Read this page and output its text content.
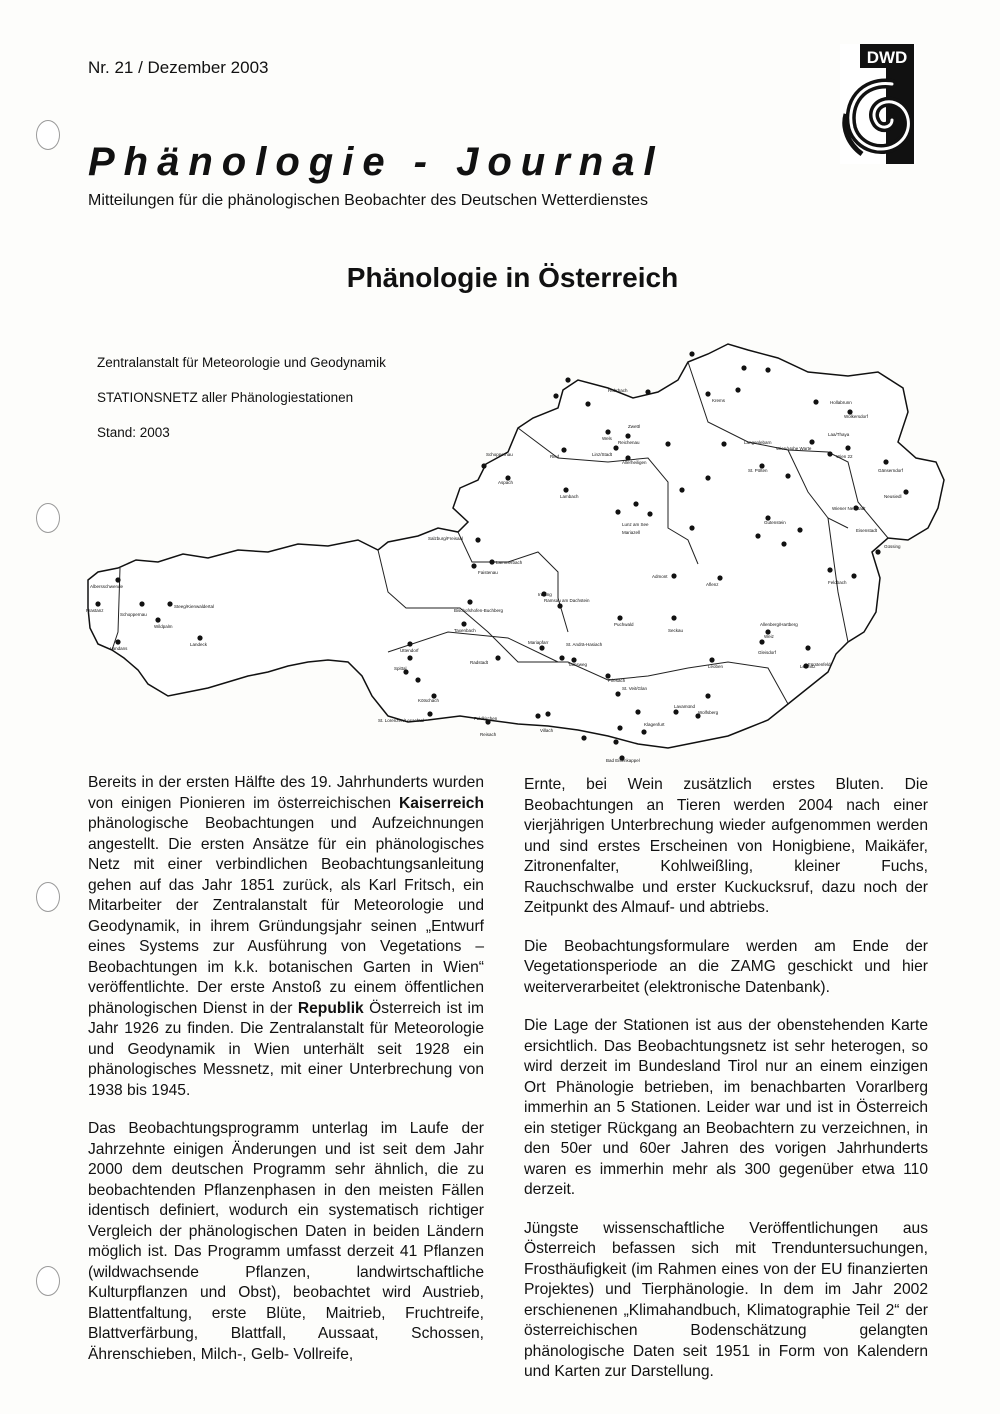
Nr. 21 / Dezember 2003
Phänologie - Journal
Mitteilungen für die phänologischen Beobachter des Deutschen Wetterdienstes
DWD
Phänologie in Österreich
Zentralanstalt für Meteorologie und Geodynamik
STATIONSNETZ aller Phänologiestationen
Stand: 2003
Albersschwende
Frastanz
Schoppernau
Steeg/Kienwaldertal
Wildpalm
Vandans
Landeck
Salzburg/Freisaal
Faistenau
Lammerbach
Bischofshofen-Buchberg
Taxenbach
Uttendorf
Radstadt
Schoppernau
Aspach
Ried
Lambach
Linz/Stadt
Allerheiligen
Wels
Reichenau
Rohrbach
Wolkersdorf
Laa/Thaya
Wien/Hohe Warte
Wien 22
Gänserndorf
Hollabrunn
Langenlebarn
St. Pölten
Krems
Zwettl
Lunz am See
Mariazell
Gutenstein
Wiener Neustadt
Eisenstadt
Neusiedl
Aflenz
Admont
Irdning
Ramsau am Dachstein
Puchwald
Seckau
Leoben
Allenberg/Hartberg
Weiz
Gleisdorf
Leibnitz
Feldbach
Fürstenfeld
Güssing
Mariapfarr
Tamsweg
St. Andrä-Hasiach
Villach
Klagenfurt
Wolfsberg
St. Veit/Glan
Feldkirchen
Spittal
Friesach
Lavamünd
Bad Eisenkappel
St. Lorenzen/Lesachtal
Kötschach
Reisach

Bereits in der ersten Hälfte des 19. Jahrhunderts wurden von einigen Pionieren im österreichischen Kaiserreich phänologische Beobachtungen und Aufzeichnungen angestellt. Die ersten Ansätze für ein phänologisches Netz mit einer verbindlichen Beobachtungsanleitung gehen auf das Jahr 1851 zurück, als Karl Fritsch, ein Mitarbeiter der Zentralanstalt für Meteorologie und Geodynamik, in ihrem Gründungsjahr seinen „Entwurf eines Systems zur Ausführung von Vegetations – Beobachtungen im k.k. botanischen Garten in Wien“ veröffentlichte. Der erste Anstoß zu einem öffentlichen phänologischen Dienst in der Republik Österreich ist im Jahr 1926 zu finden. Die Zentralanstalt für Meteorologie und Geodynamik in Wien unterhält seit 1928 ein phänologisches Messnetz, mit einer Unterbrechung von 1938 bis 1945.

Das Beobachtungsprogramm unterlag im Laufe der Jahrzehnte einigen Änderungen und ist seit dem Jahr 2000 dem deutschen Programm sehr ähnlich, die zu beobachtenden Pflanzenphasen in den meisten Fällen identisch definiert, wodurch ein systematisch richtiger Vergleich der phänologischen Daten in beiden Ländern möglich ist. Das Programm umfasst derzeit 41 Pflanzen (wildwachsende Pflanzen, landwirtschaftliche Kulturpflanzen und Obst), beobachtet wird Austrieb, Blattentfaltung, erste Blüte, Maitrieb, Fruchtreife, Blattverfärbung, Blattfall, Aussaat, Schossen, Ährenschieben, Milch-, Gelb- Vollreife,

Ernte, bei Wein zusätzlich erstes Bluten. Die Beobachtungen an Tieren werden 2004 nach einer vierjährigen Unterbrechung wieder aufgenommen werden und sind erstes Erscheinen von Honigbiene, Maikäfer, Zitronenfalter, Kohlweißling, kleiner Fuchs, Rauchschwalbe und erster Kuckucksruf, dazu noch der Zeitpunkt des Almauf- und abtriebs.

Die Beobachtungsformulare werden am Ende der Vegetationsperiode an die ZAMG geschickt und hier weiterverarbeitet (elektronische Datenbank).

Die Lage der Stationen ist aus der obenstehenden Karte ersichtlich. Das Beobachtungsnetz ist sehr heterogen, so wird derzeit im Bundesland Tirol nur an einem einzigen Ort Phänologie betrieben, im benachbarten Vorarlberg immerhin an 5 Stationen. Leider war und ist in Österreich ein stetiger Rückgang an Beobachtern zu verzeichnen, in den 50er und 60er Jahren des vorigen Jahrhunderts waren es immerhin mehr als 300 gegenüber etwa 110 derzeit.

Jüngste wissenschaftliche Veröffentlichungen aus Österreich befassen sich mit Trenduntersuchungen, Frosthäufigkeit (im Rahmen eines von der EU finanzierten Projektes) und Tierphänologie. In dem im Jahr 2002 erschienenen „Klimahandbuch, Klimatographie Teil 2“ der österreichischen Bodenschätzung gelangten phänologische Daten seit 1951 in Form von Kalendern und Karten zur Darstellung.
